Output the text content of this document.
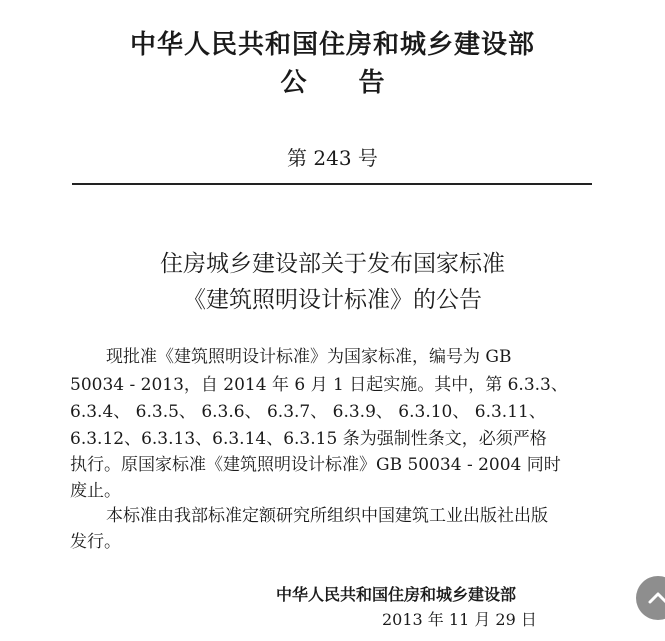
中华人民共和国住房和城乡建设部
公告
第 243 号
住房城乡建设部关于发布国家标准
《建筑照明设计标准》的公告
现批准《建筑照明设计标准》为国家标准，编号为 GB
50034 - 2013，自 2014 年 6 月 1 日起实施。其中，第 6.3.3、
6.3.4、 6.3.5、 6.3.6、 6.3.7、 6.3.9、 6.3.10、 6.3.11、
6.3.12、6.3.13、6.3.14、6.3.15 条为强制性条文，必须严格
执行。原国家标准《建筑照明设计标准》GB 50034 - 2004 同时
废止。
本标准由我部标准定额研究所组织中国建筑工业出版社出版
发行。
中华人民共和国住房和城乡建设部
2013 年 11 月 29 日
